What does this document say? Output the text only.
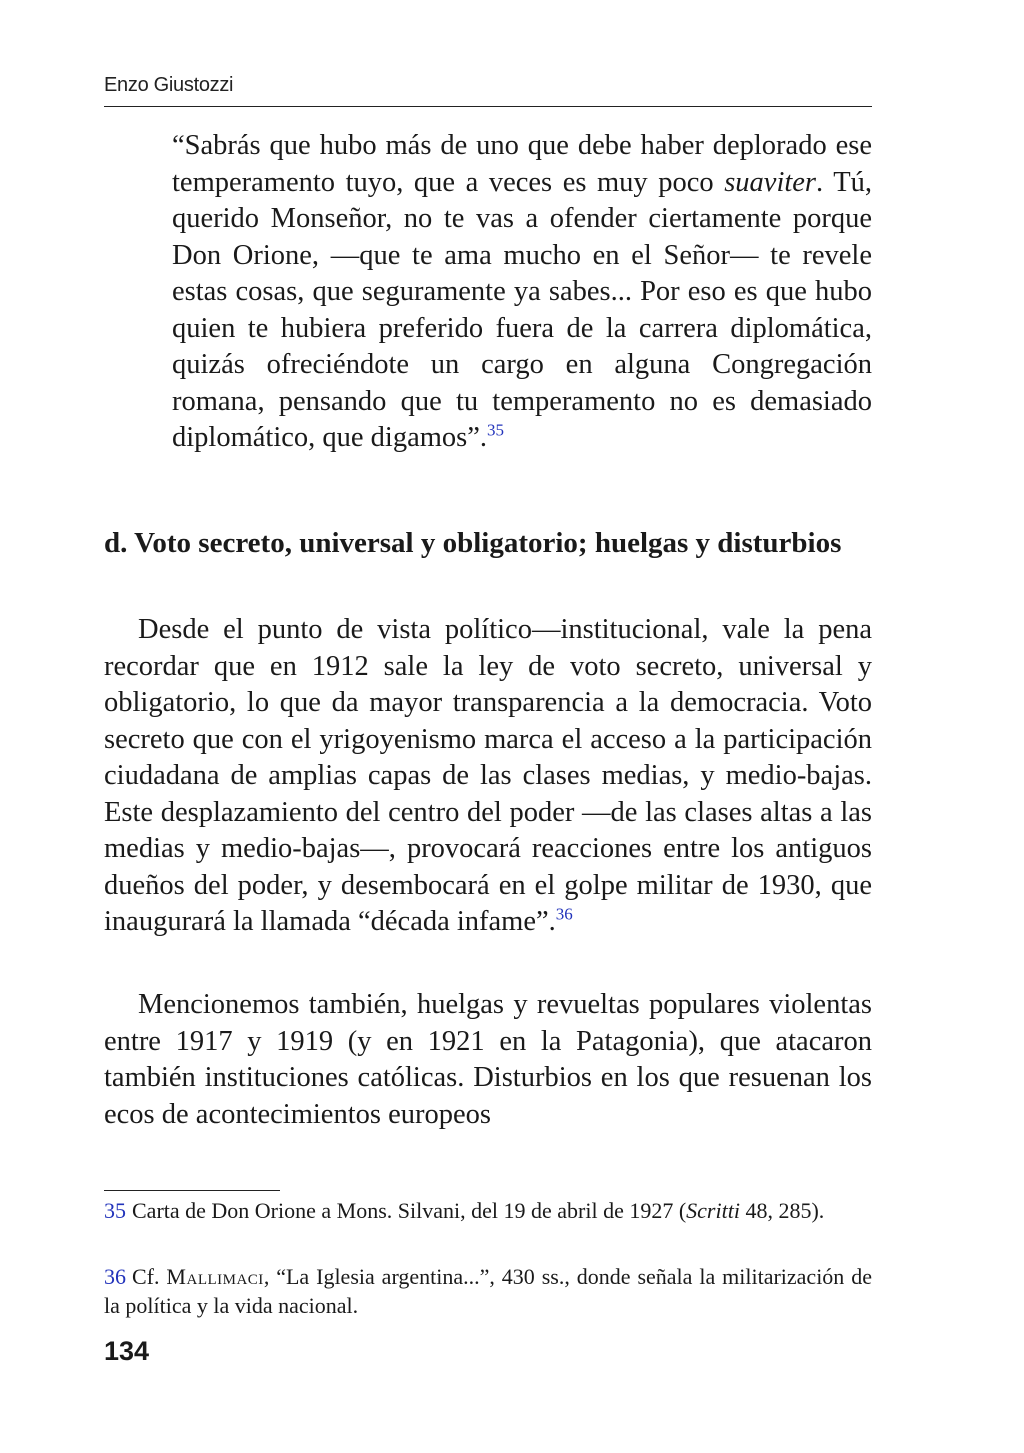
Enzo Giustozzi

“Sabrás que hubo más de uno que debe haber deplorado ese temperamento tuyo, que a veces es muy poco suaviter. Tú, querido Monseñor, no te vas a ofender ciertamente porque Don Orione, —que te ama mucho en el Señor— te revele estas cosas, que seguramente ya sabes... Por eso es que hubo quien te hubiera preferido fuera de la carrera diplomática, quizás ofreciéndote un cargo en alguna Congregación romana, pensando que tu temperamento no es demasiado diplomático, que digamos”.$^{35}$

d. Voto secreto, universal y obligatorio; huelgas y disturbios

Desde el punto de vista político—institucional, vale la pena recordar que en 1912 sale la ley de voto secreto, universal y obligatorio, lo que da mayor transparencia a la democracia. Voto secreto que con el yrigoyenismo marca el acceso a la participación ciudadana de amplias capas de las clases medias, y medio-bajas. Este desplazamiento del centro del poder —de las clases altas a las medias y medio-bajas—, provocará reacciones entre los antiguos dueños del poder, y desembocará en el golpe militar de 1930, que inaugurará la llamada “década infame”.$^{36}$

Mencionemos también, huelgas y revueltas populares violentas entre 1917 y 1919 (y en 1921 en la Patagonia), que atacaron también instituciones católicas. Disturbios en los que resuenan los ecos de acontecimientos europeos

35 Carta de Don Orione a Mons. Silvani, del 19 de abril de 1927 (Scritti 48, 285).

36 Cf. Mallimaci, “La Iglesia argentina...”, 430 ss., donde señala la militarización de la política y la vida nacional.

134
